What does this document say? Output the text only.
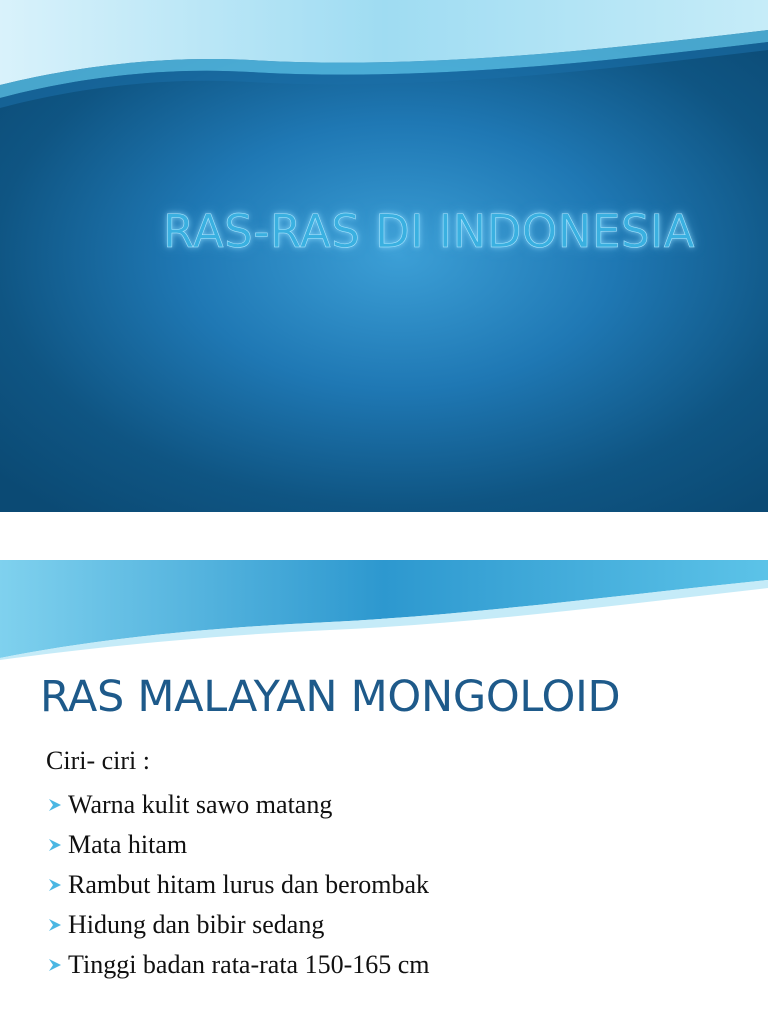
RAS-RAS DI INDONESIA
RAS MALAYAN MONGOLOID
Ciri- ciri :
Warna kulit sawo matang
Mata hitam
Rambut hitam lurus dan berombak
Hidung dan bibir sedang
Tinggi badan rata-rata 150-165 cm
